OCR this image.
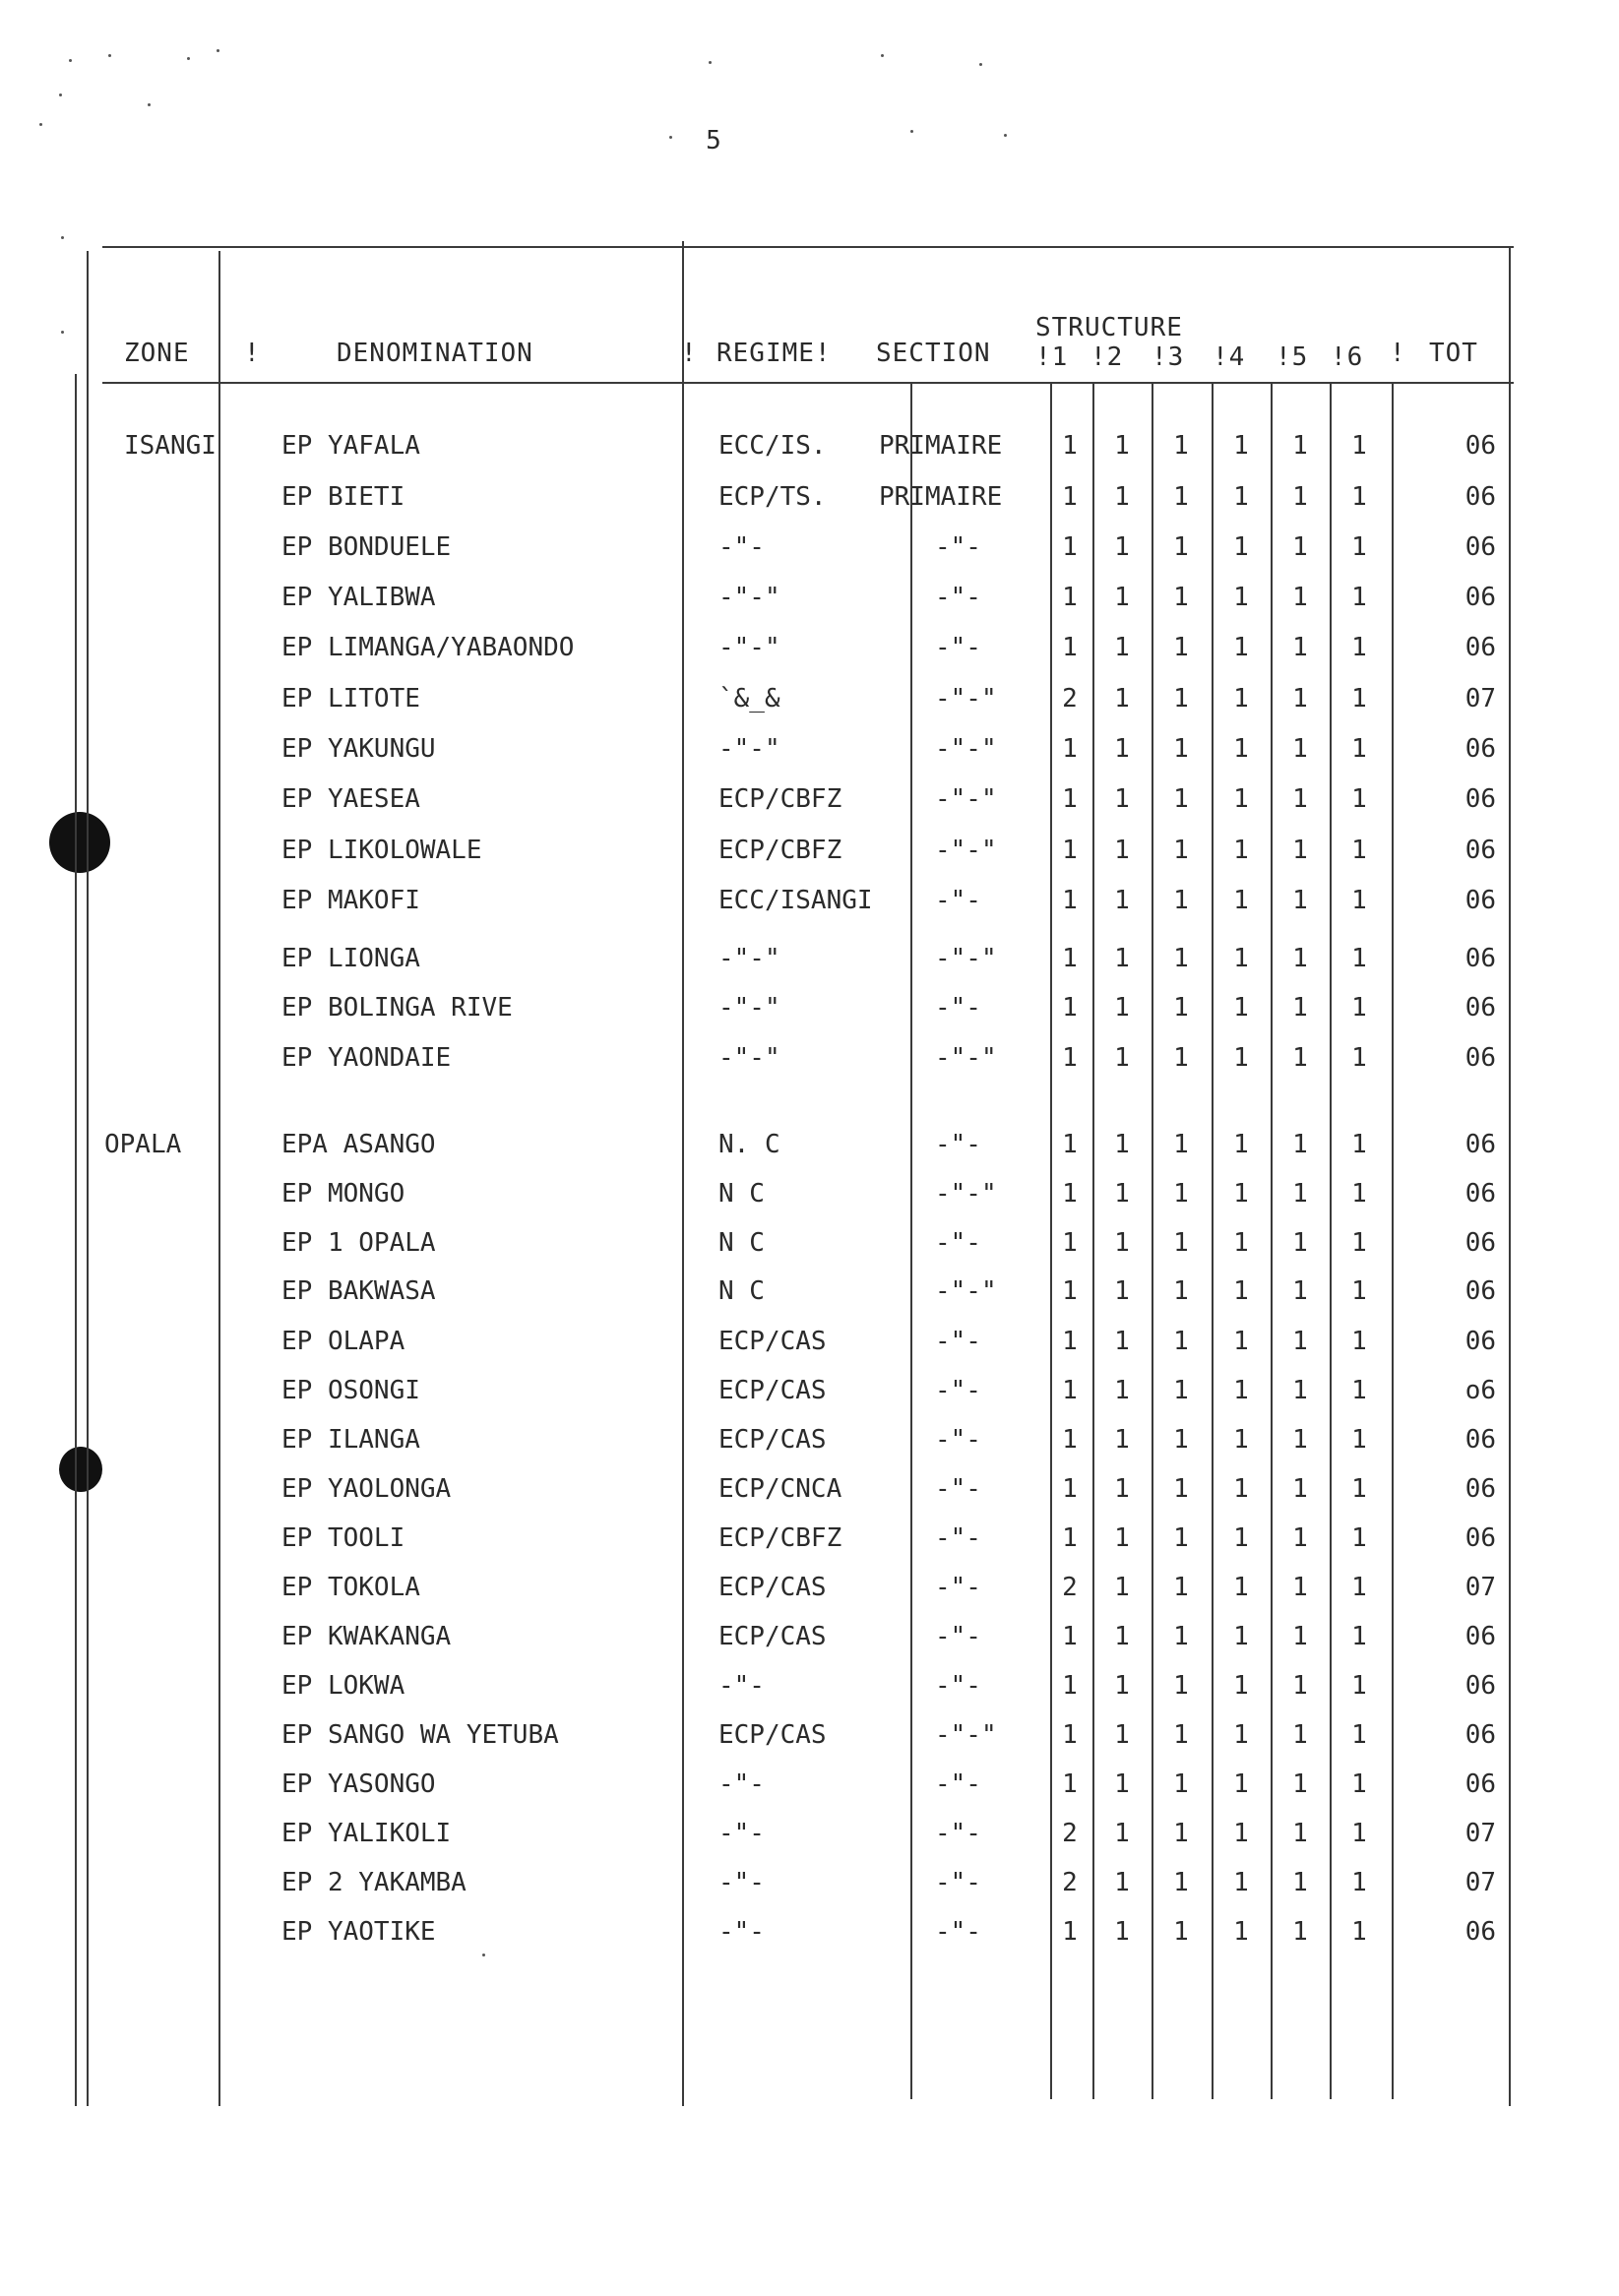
5
ZONE !	DENOMINATION	! REGIME! SECTION
STRUCTURE
!1 !2 !3 !4 !5 !6 ! TOT
ISANGI	EP YAFALA	ECC/IS.	PRIMAIRE 1 1 1 1 1 1	06
EP BIETI	ECP/TS.	PRIMAIRE 1 1 1 1 1 1	06
EP BONDUELE	-"-	-"-	1 1 1 1 1 1	06
EP YALIBWA	-"-"	-"-	1 1 1 1 1 1	06
EP LIMANGA/YABAONDO	-"-"	-"-	1 1 1 1 1 1	06
EP LITOTE	`&_&	-"-"	2 1 1 1 1 1	07
EP YAKUNGU	-"-"	-"-"	1 1 1 1 1 1	06
EP YAESEA	ECP/CBFZ	-"-"	1 1 1 1 1 1	06
EP LIKOLOWALE	ECP/CBFZ	-"-"	1 1 1 1 1 1	06
EP MAKOFI	ECC/ISANGI	-"-	1 1 1 1 1 1	06
EP LIONGA	-"-"	-"-"	1 1 1 1 1 1	06
EP BOLINGA RIVE	-"-"	-"-	1 1 1 1 1 1	06
EP YAONDAIE	-"-"	-"-"	1 1 1 1 1 1	06
OPALA	EPA ASANGO	N. C	-"-	1 1 1 1 1 1	06
EP MONGO	N C	-"-"	1 1 1 1 1 1	06
EP 1 OPALA	N C	-"-	1 1 1 1 1 1	06
EP BAKWASA	N C	-"-"	1 1 1 1 1 1	06
EP OLAPA	ECP/CAS	-"-	1 1 1 1 1 1	06
EP OSONGI	ECP/CAS	-"-	1 1 1 1 1 1	o6
EP ILANGA	ECP/CAS	-"-	1 1 1 1 1 1	06
EP YAOLONGA	ECP/CNCA	-"-	1 1 1 1 1 1	06
EP TOOLI	ECP/CBFZ	-"-	1 1 1 1 1 1	06
EP TOKOLA	ECP/CAS	-"-	2 1 1 1 1 1	07
EP KWAKANGA	ECP/CAS	-"-	1 1 1 1 1 1	06
EP LOKWA	-"-	-"-	1 1 1 1 1 1	06
EP SANGO WA YETUBA	ECP/CAS	-"-"	1 1 1 1 1 1	06
EP YASONGO	-"-	-"-	1 1 1 1 1 1	06
EP YALIKOLI	-"-	-"-	2 1 1 1 1 1	07
EP 2 YAKAMBA	-"-	-"-	2 1 1 1 1 1	07
EP YAOTIKE	-"-	-"-	1 1 1 1 1 1	06
